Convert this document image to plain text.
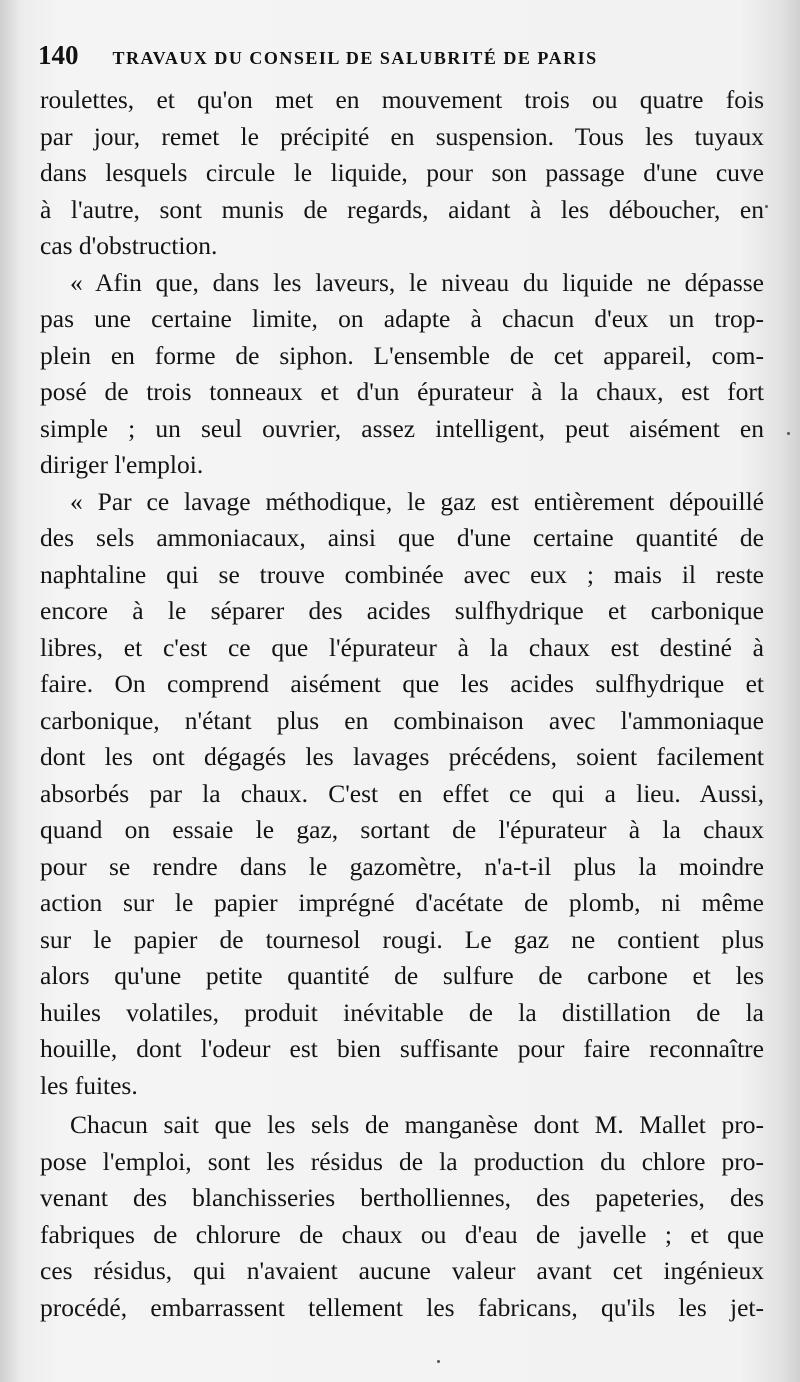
140 TRAVAUX DU CONSEIL DE SALUBRITÉ DE PARIS
roulettes, et qu'on met en mouvement trois ou quatre fois
par jour, remet le précipité en suspension. Tous les tuyaux
dans lesquels circule le liquide, pour son passage d'une cuve
à l'autre, sont munis de regards, aidant à les déboucher, en
cas d'obstruction.
« Afin que, dans les laveurs, le niveau du liquide ne dépasse
pas une certaine limite, on adapte à chacun d'eux un trop-
plein en forme de siphon. L'ensemble de cet appareil, com-
posé de trois tonneaux et d'un épurateur à la chaux, est fort
simple ; un seul ouvrier, assez intelligent, peut aisément en
diriger l'emploi.
« Par ce lavage méthodique, le gaz est entièrement dépouillé
des sels ammoniacaux, ainsi que d'une certaine quantité de
naphtaline qui se trouve combinée avec eux ; mais il reste
encore à le séparer des acides sulfhydrique et carbonique
libres, et c'est ce que l'épurateur à la chaux est destiné à
faire. On comprend aisément que les acides sulfhydrique et
carbonique, n'étant plus en combinaison avec l'ammoniaque
dont les ont dégagés les lavages précédens, soient facilement
absorbés par la chaux. C'est en effet ce qui a lieu. Aussi,
quand on essaie le gaz, sortant de l'épurateur à la chaux
pour se rendre dans le gazomètre, n'a-t-il plus la moindre
action sur le papier imprégné d'acétate de plomb, ni même
sur le papier de tournesol rougi. Le gaz ne contient plus
alors qu'une petite quantité de sulfure de carbone et les
huiles volatiles, produit inévitable de la distillation de la
houille, dont l'odeur est bien suffisante pour faire reconnaître
les fuites.
Chacun sait que les sels de manganèse dont M. Mallet pro-
pose l'emploi, sont les résidus de la production du chlore pro-
venant des blanchisseries bertholliennes, des papeteries, des
fabriques de chlorure de chaux ou d'eau de javelle ; et que
ces résidus, qui n'avaient aucune valeur avant cet ingénieux
procédé, embarrassent tellement les fabricans, qu'ils les jet-
